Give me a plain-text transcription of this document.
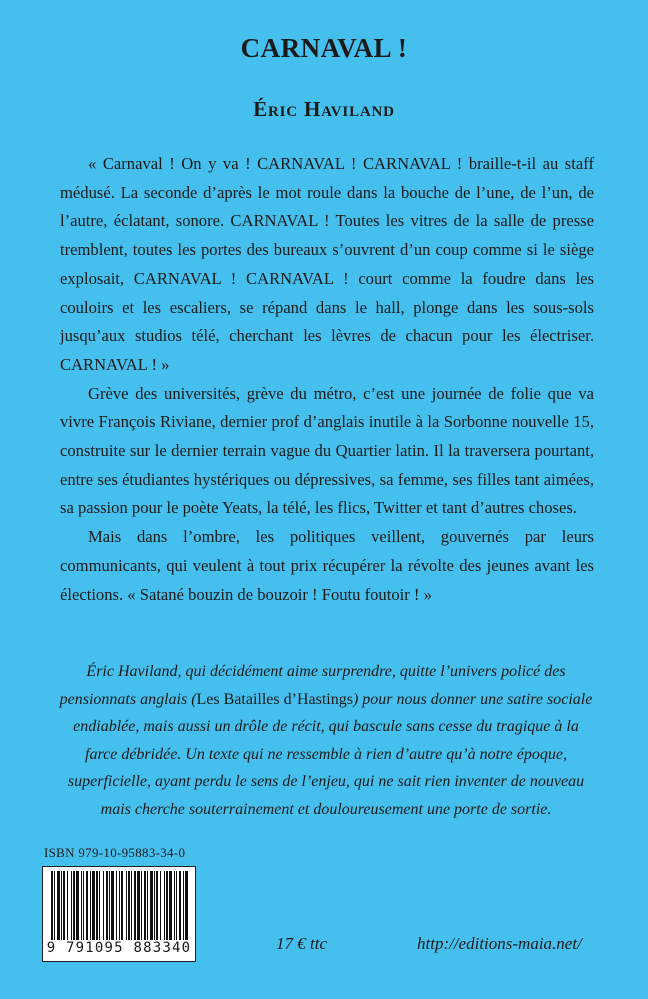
CARNAVAL !
Éric Haviland

« Carnaval ! On y va ! CARNAVAL ! CARNAVAL ! braille-t-il au staff médusé. La seconde d’après le mot roule dans la bouche de l’une, de l’un, de l’autre, éclatant, sonore. CARNAVAL ! Toutes les vitres de la salle de presse tremblent, toutes les portes des bureaux s’ouvrent d’un coup comme si le siège explosait, CARNAVAL ! CARNAVAL ! court comme la foudre dans les couloirs et les escaliers, se répand dans le hall, plonge dans les sous-sols jusqu’aux studios télé, cherchant les lèvres de chacun pour les électriser. CARNAVAL ! »

Grève des universités, grève du métro, c’est une journée de folie que va vivre François Riviane, dernier prof d’anglais inutile à la Sorbonne nouvelle 15, construite sur le dernier terrain vague du Quartier latin. Il la traversera pourtant, entre ses étudiantes hystériques ou dépressives, sa femme, ses filles tant aimées, sa passion pour le poète Yeats, la télé, les flics, Twitter et tant d’autres choses.

Mais dans l’ombre, les politiques veillent, gouvernés par leurs communicants, qui veulent à tout prix récupérer la révolte des jeunes avant les élections. « Satané bouzin de bouzoir ! Foutu foutoir ! »

Éric Haviland, qui décidément aime surprendre, quitte l’univers policé des pensionnats anglais (Les Batailles d’Hastings) pour nous donner une satire sociale endiablée, mais aussi un drôle de récit, qui bascule sans cesse du tragique à la farce débridée. Un texte qui ne ressemble à rien d’autre qu’à notre époque, superficielle, ayant perdu le sens de l’enjeu, qui ne sait rien inventer de nouveau mais cherche souterrainement et douloureusement une porte de sortie.
ISBN 979-10-95883-34-0
9 791095 883340	17 € ttc	http://editions-maia.net/
